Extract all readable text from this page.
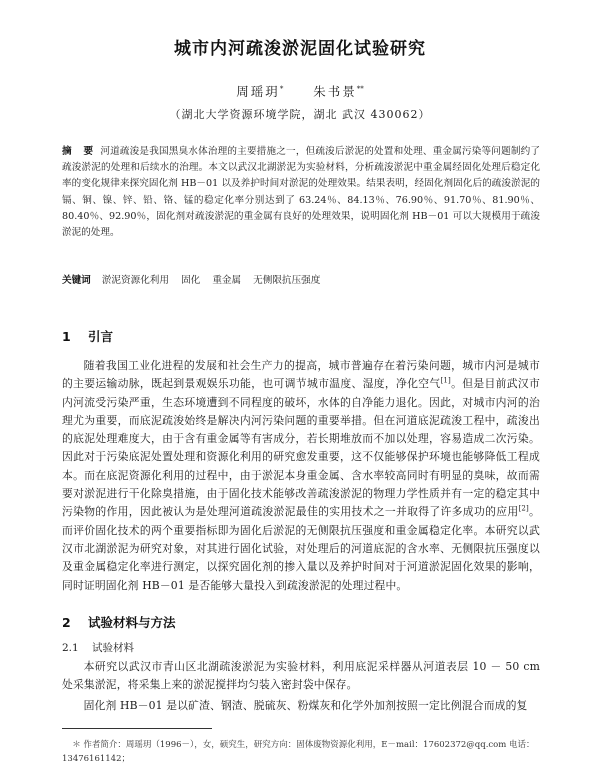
城市内河疏浚淤泥固化试验研究
周瑶玥* 朱书景**
（湖北大学资源环境学院，湖北 武汉 430062）
摘　要 河道疏浚是我国黑臭水体治理的主要措施之一，但疏浚后淤泥的处置和处理、重金属污染等问题制约了疏浚淤泥的处理和后续水的治理。本文以武汉北湖淤泥为实验材料，分析疏浚淤泥中重金属经固化处理后稳定化率的变化规律来探究固化剂 HB－01 以及养护时间对淤泥的处理效果。结果表明，经固化剂固化后的疏浚淤泥的镉、铜、镍、锌、铅、铬、锰的稳定化率分别达到了 63.24％、84.13％、76.90％、91.70％、81.90％、80.40％、92.90％，固化剂对疏浚淤泥的重金属有良好的处理效果，说明固化剂 HB－01 可以大规模用于疏浚淤泥的处理。
关键词 淤泥资源化利用 固化 重金属 无侧限抗压强度
1 引言
随着我国工业化进程的发展和社会生产力的提高，城市普遍存在着污染问题，城市内河是城市的主要运输动脉，既起到景观娱乐功能，也可调节城市温度、湿度，净化空气[1]。但是目前武汉市内河流受污染严重，生态环境遭到不同程度的破坏，水体的自净能力退化。因此，对城市内河的治理尤为重要，而底泥疏浚始终是解决内河污染问题的重要举措。但在河道底泥疏浚工程中，疏浚出的底泥处理难度大，由于含有重金属等有害成分，若长期堆放而不加以处理，容易造成二次污染。因此对于污染底泥处置处理和资源化利用的研究愈发重要，这不仅能够保护环境也能够降低工程成本。而在底泥资源化利用的过程中，由于淤泥本身重金属、含水率较高同时有明显的臭味，故而需要对淤泥进行干化除臭措施，由于固化技术能够改善疏浚淤泥的物理力学性质并有一定的稳定其中污染物的作用，因此被认为是处理河道疏浚淤泥最佳的实用技术之一并取得了许多成功的应用[2]。而评价固化技术的两个重要指标即为固化后淤泥的无侧限抗压强度和重金属稳定化率。本研究以武汉市北湖淤泥为研究对象，对其进行固化试验，对处理后的河道底泥的含水率、无侧限抗压强度以及重金属稳定化率进行测定，以探究固化剂的掺入量以及养护时间对于河道淤泥固化效果的影响，同时证明固化剂 HB－01 是否能够大量投入到疏浚淤泥的处理过程中。
2 试验材料与方法
2.1 试验材料
本研究以武汉市青山区北湖疏浚淤泥为实验材料，利用底泥采样器从河道表层 10 － 50 cm 处采集淤泥，将采集上来的淤泥搅拌均匀装入密封袋中保存。
固化剂 HB－01 是以矿渣、钢渣、脱硫灰、粉煤灰和化学外加剂按照一定比例混合而成的复
＊ 作者简介：周瑶玥（1996－），女，硕究生，研究方向：固体废物资源化利用，E－mail：17602372@qq.com 电话：13476161142；
